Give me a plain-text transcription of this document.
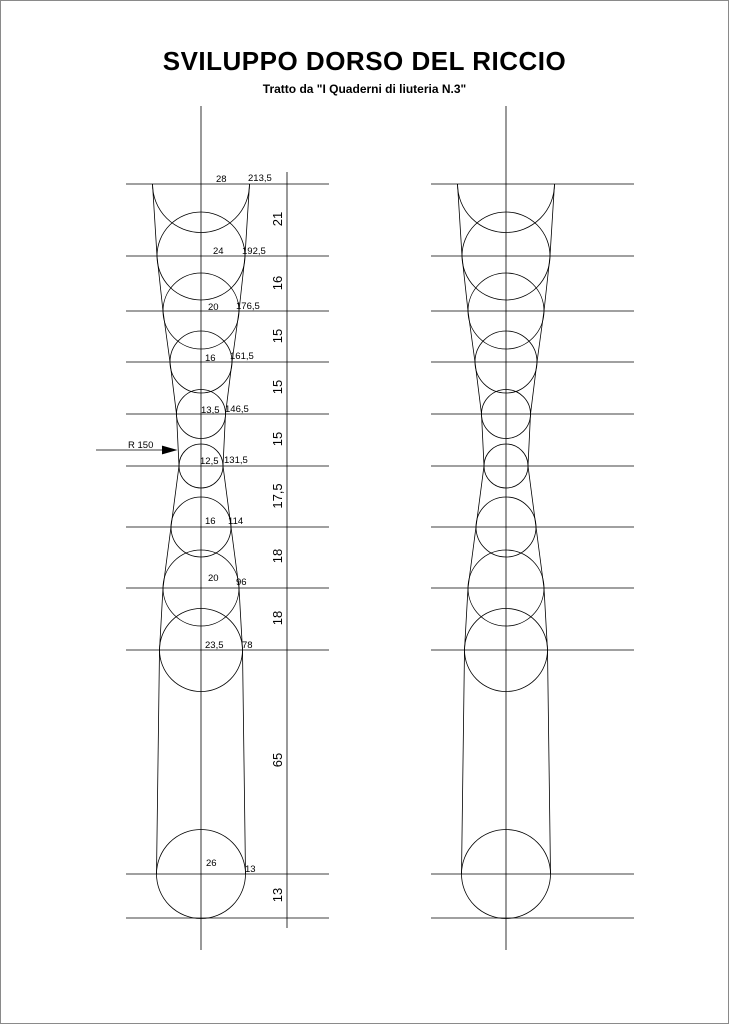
SVILUPPO DORSO DEL RICCIO
Tratto da "I Quaderni di liuteria N.3"
28 213,5
24 192,5
20 176,5
16 161,5
13,5 146,5
12,5 131,5
16 114
20 96
23,5 78
26
13
21
16
15
15
15
17,5
18
18
65
13
R 150
